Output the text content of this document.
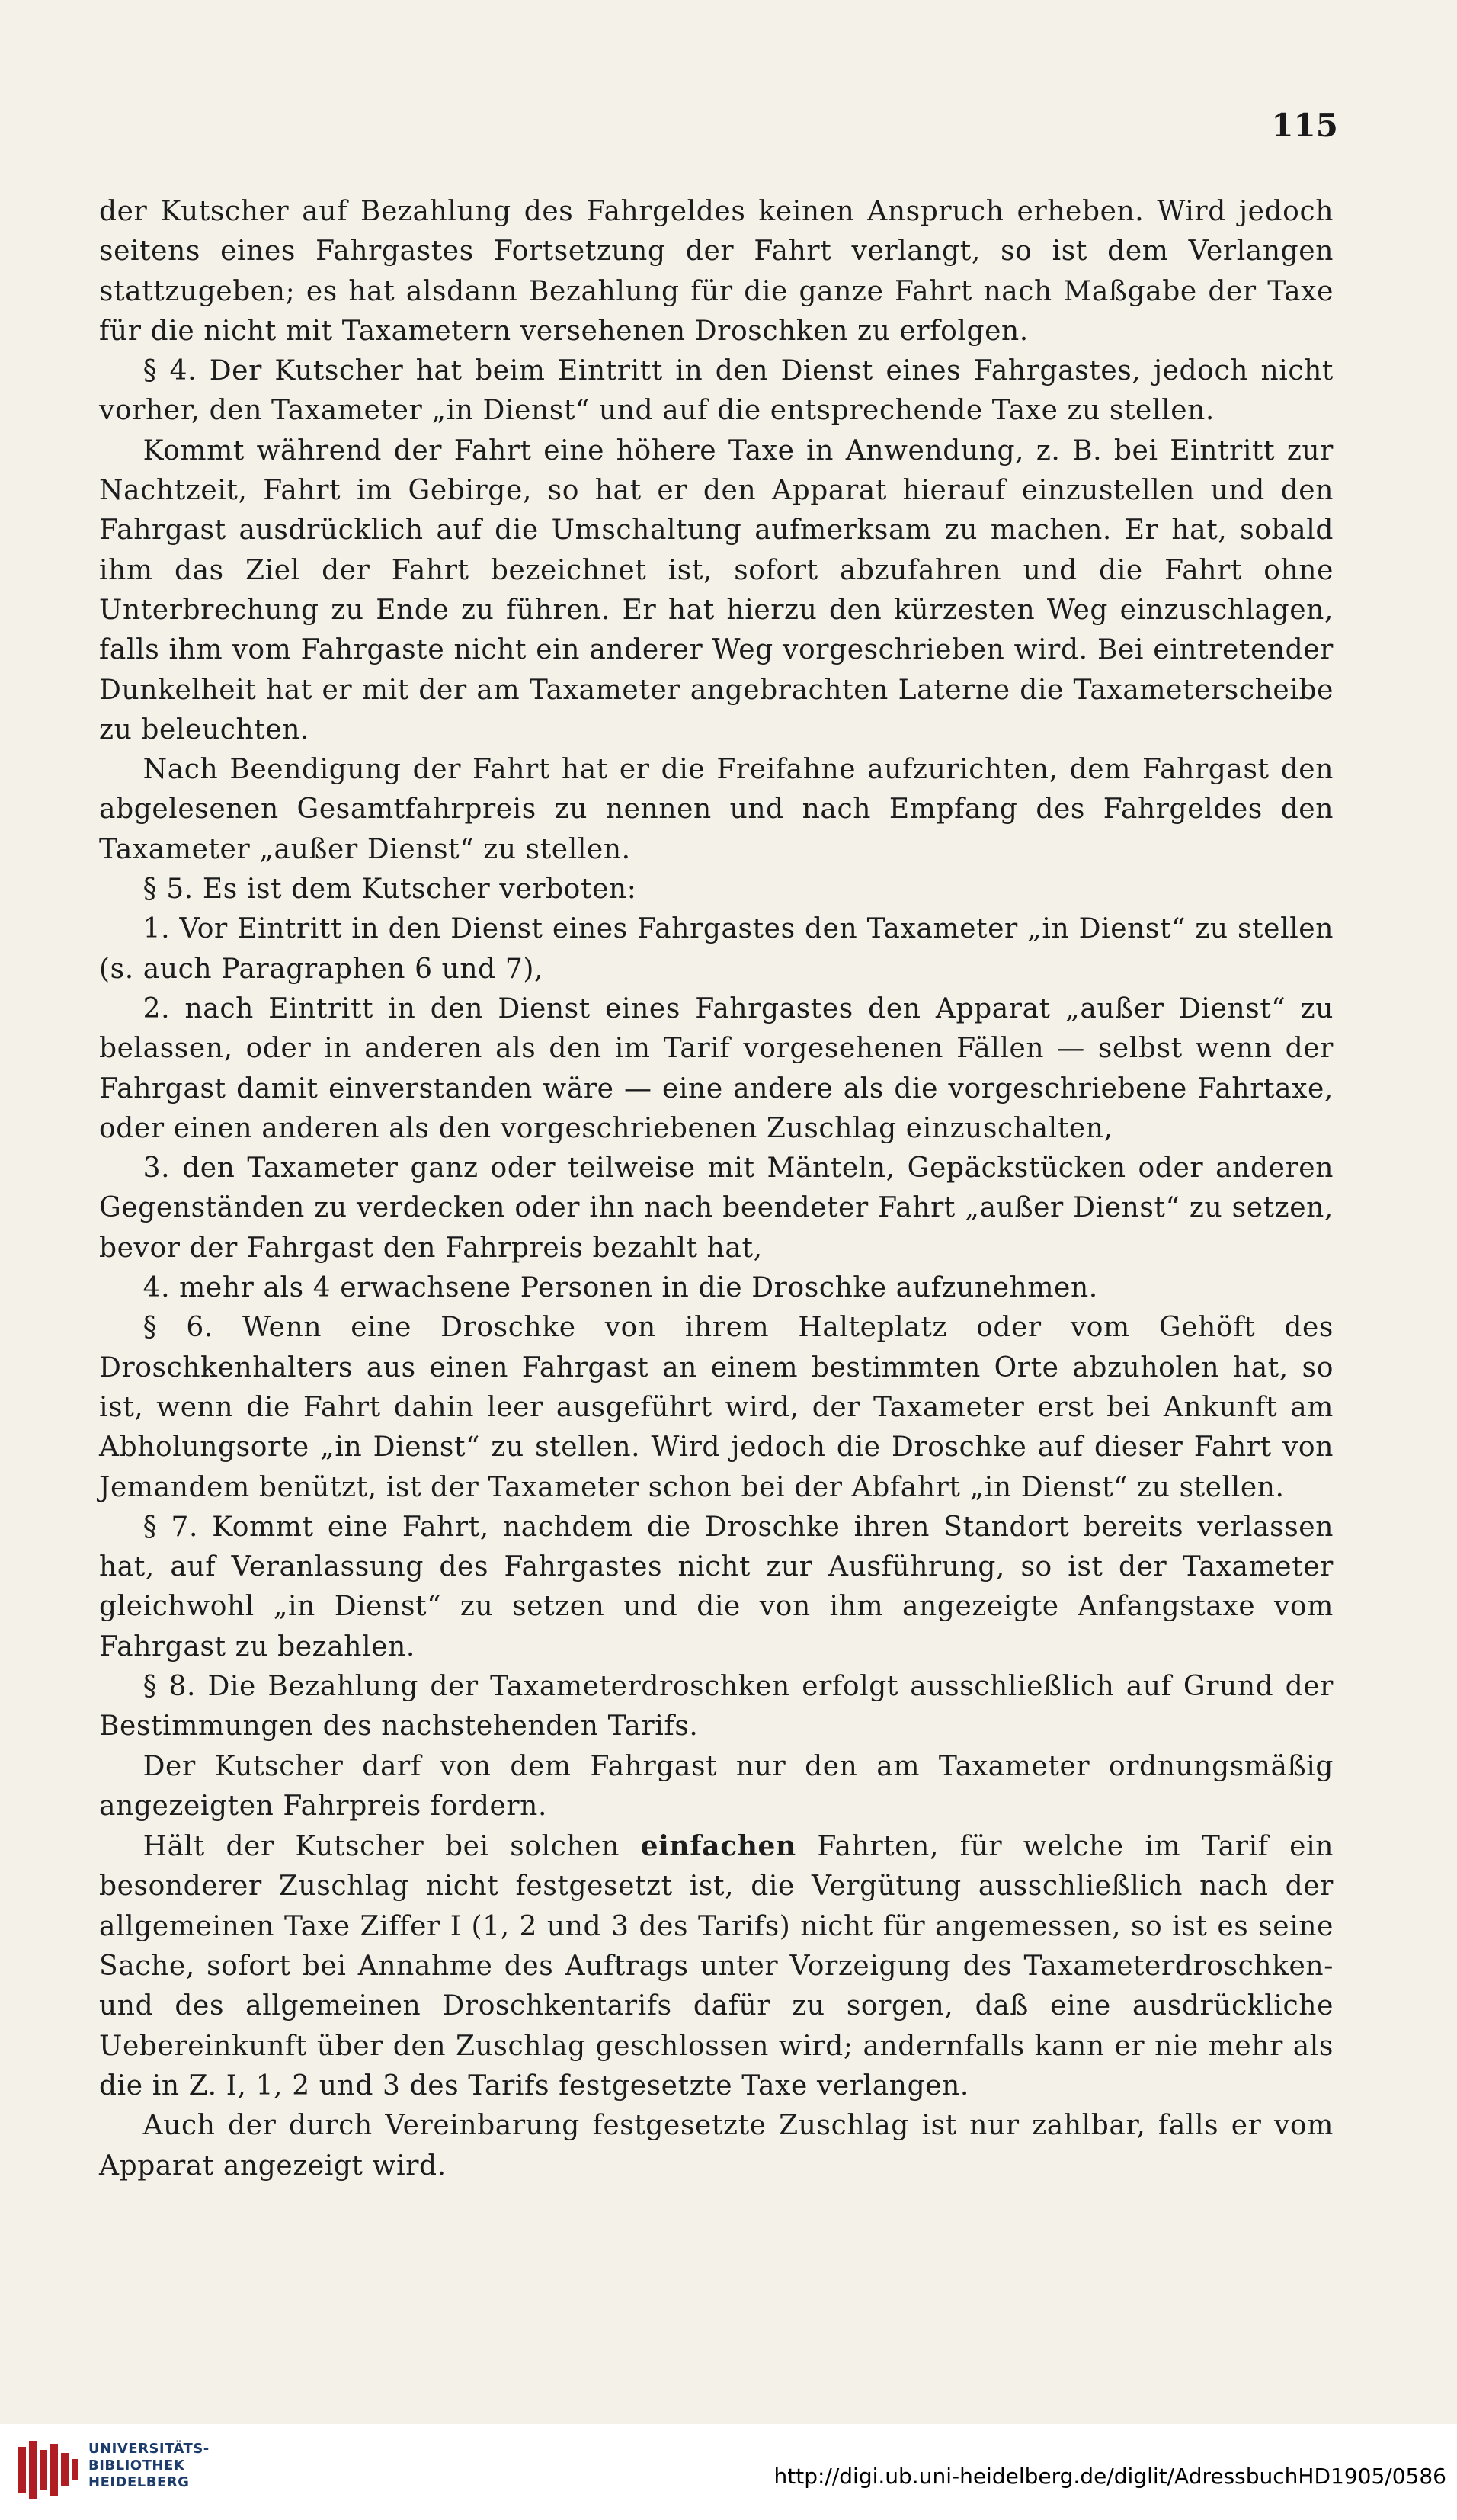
115

der Kutscher auf Bezahlung des Fahrgeldes keinen Anspruch erheben. Wird jedoch seitens eines Fahrgastes Fortsetzung der Fahrt verlangt, so ist dem Verlangen stattzugeben; es hat alsdann Bezahlung für die ganze Fahrt nach Maßgabe der Taxe für die nicht mit Taxametern versehenen Droschken zu erfolgen.

§ 4. Der Kutscher hat beim Eintritt in den Dienst eines Fahrgastes, jedoch nicht vorher, den Taxameter „in Dienst“ und auf die entsprechende Taxe zu stellen.

Kommt während der Fahrt eine höhere Taxe in Anwendung, z. B. bei Eintritt zur Nachtzeit, Fahrt im Gebirge, so hat er den Apparat hierauf einzustellen und den Fahrgast ausdrücklich auf die Umschaltung aufmerksam zu machen. Er hat, sobald ihm das Ziel der Fahrt bezeichnet ist, sofort abzufahren und die Fahrt ohne Unterbrechung zu Ende zu führen. Er hat hierzu den kürzesten Weg einzuschlagen, falls ihm vom Fahrgaste nicht ein anderer Weg vorgeschrieben wird. Bei eintretender Dunkelheit hat er mit der am Taxameter angebrachten Laterne die Taxameterscheibe zu beleuchten.

Nach Beendigung der Fahrt hat er die Freifahne aufzurichten, dem Fahrgast den abgelesenen Gesamtfahrpreis zu nennen und nach Empfang des Fahrgeldes den Taxameter „außer Dienst“ zu stellen.

§ 5. Es ist dem Kutscher verboten:

1. Vor Eintritt in den Dienst eines Fahrgastes den Taxameter „in Dienst“ zu stellen (s. auch Paragraphen 6 und 7),

2. nach Eintritt in den Dienst eines Fahrgastes den Apparat „außer Dienst“ zu belassen, oder in anderen als den im Tarif vorgesehenen Fällen — selbst wenn der Fahrgast damit einverstanden wäre — eine andere als die vorgeschriebene Fahrtaxe, oder einen anderen als den vorgeschriebenen Zuschlag einzuschalten,

3. den Taxameter ganz oder teilweise mit Mänteln, Gepäckstücken oder anderen Gegenständen zu verdecken oder ihn nach beendeter Fahrt „außer Dienst“ zu setzen, bevor der Fahrgast den Fahrpreis bezahlt hat,

4. mehr als 4 erwachsene Personen in die Droschke aufzunehmen.

§ 6. Wenn eine Droschke von ihrem Halteplatz oder vom Gehöft des Droschkenhalters aus einen Fahrgast an einem bestimmten Orte abzuholen hat, so ist, wenn die Fahrt dahin leer ausgeführt wird, der Taxameter erst bei Ankunft am Abholungsorte „in Dienst“ zu stellen. Wird jedoch die Droschke auf dieser Fahrt von Jemandem benützt, ist der Taxameter schon bei der Abfahrt „in Dienst“ zu stellen.

§ 7. Kommt eine Fahrt, nachdem die Droschke ihren Standort bereits verlassen hat, auf Veranlassung des Fahrgastes nicht zur Ausführung, so ist der Taxameter gleichwohl „in Dienst“ zu setzen und die von ihm angezeigte Anfangstaxe vom Fahrgast zu bezahlen.

§ 8. Die Bezahlung der Taxameterdroschken erfolgt ausschließlich auf Grund der Bestimmungen des nachstehenden Tarifs.

Der Kutscher darf von dem Fahrgast nur den am Taxameter ordnungsmäßig angezeigten Fahrpreis fordern.

Hält der Kutscher bei solchen einfachen Fahrten, für welche im Tarif ein besonderer Zuschlag nicht festgesetzt ist, die Vergütung ausschließlich nach der allgemeinen Taxe Ziffer I (1, 2 und 3 des Tarifs) nicht für angemessen, so ist es seine Sache, sofort bei Annahme des Auftrags unter Vorzeigung des Taxameterdroschken- und des allgemeinen Droschkentarifs dafür zu sorgen, daß eine ausdrückliche Uebereinkunft über den Zuschlag geschlossen wird; andernfalls kann er nie mehr als die in Z. I, 1, 2 und 3 des Tarifs festgesetzte Taxe verlangen.

Auch der durch Vereinbarung festgesetzte Zuschlag ist nur zahlbar, falls er vom Apparat angezeigt wird.

UNIVERSITÄTS-
BIBLIOTHEK
HEIDELBERG	http://digi.ub.uni-heidelberg.de/diglit/AdressbuchHD1905/0586
